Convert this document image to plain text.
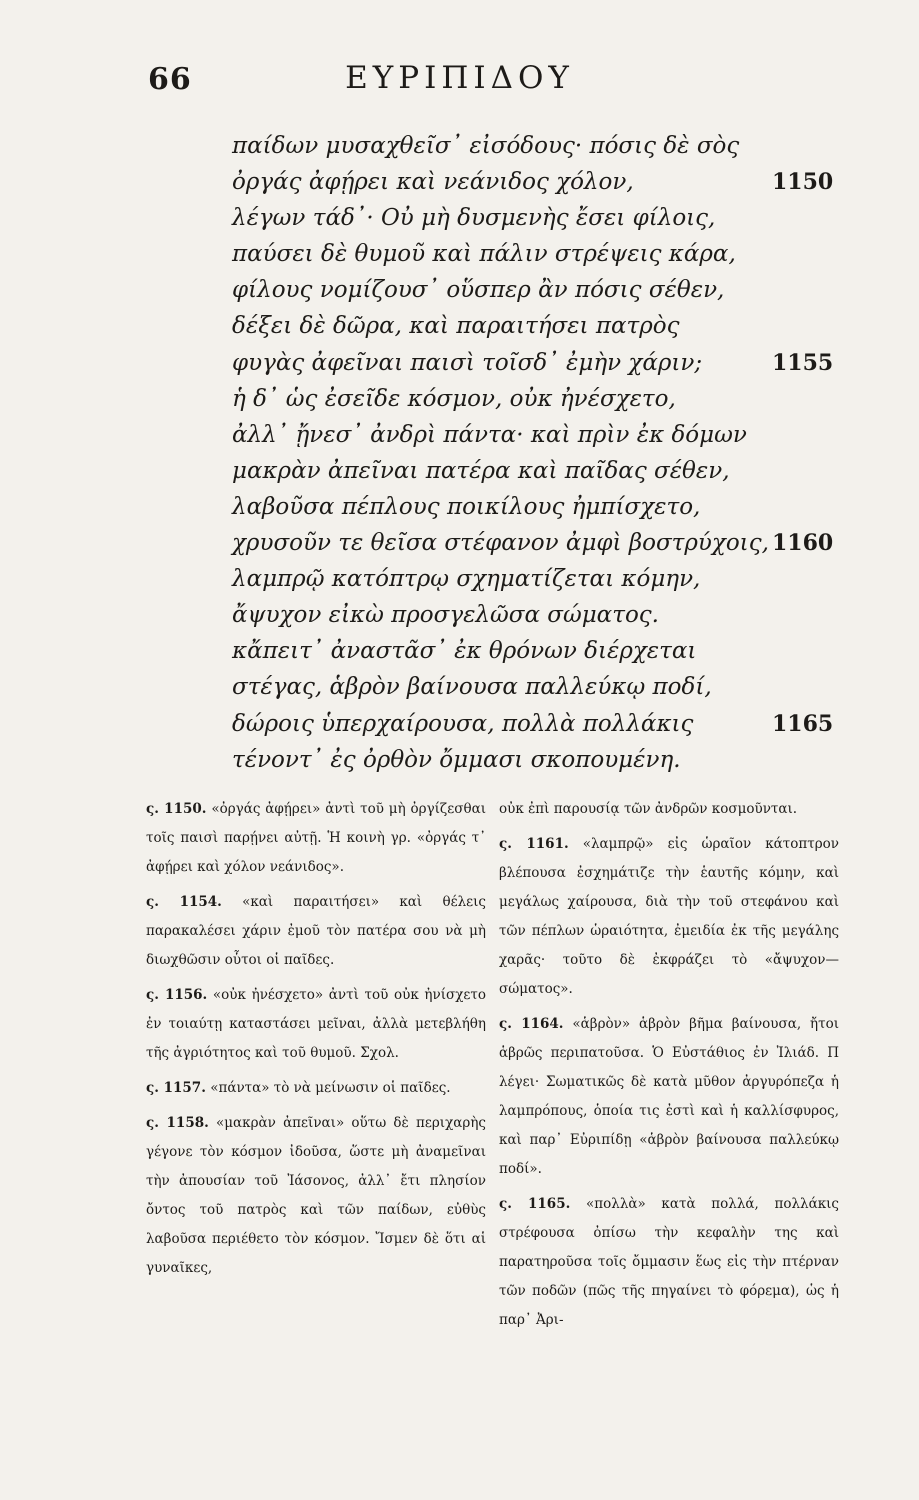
66	ΕΥΡΙΠΙΔΟΥ
παίδων μυσαχθεῖσ᾽ εἰσόδους· πόσις δὲ σὸς
ὀργάς ἀφῄρει καὶ νεάνιδος χόλον,	1150
λέγων τάδ᾽· Οὐ μὴ δυσμενὴς ἔσει φίλοις,
παύσει δὲ θυμοῦ καὶ πάλιν στρέψεις κάρα,
φίλους νομίζουσ᾽ οὕσπερ ἂν πόσις σέθεν,
δέξει δὲ δῶρα, καὶ παραιτήσει πατρὸς
φυγὰς ἀφεῖναι παισὶ τοῖσδ᾽ ἐμὴν χάριν;	1155
ἡ δ᾽ ὡς ἐσεῖδε κόσμον, οὐκ ἠνέσχετο,
ἀλλ᾽ ᾔνεσ᾽ ἀνδρὶ πάντα· καὶ πρὶν ἐκ δόμων
μακρὰν ἀπεῖναι πατέρα καὶ παῖδας σέθεν,
λαβοῦσα πέπλους ποικίλους ἠμπίσχετο,
χρυσοῦν τε θεῖσα στέφανον ἀμφὶ βοστρύχοις, 1160
λαμπρῷ κατόπτρῳ σχηματίζεται κόμην,
ἄψυχον εἰκὼ προσγελῶσα σώματος.
κἄπειτ᾽ ἀναστᾶσ᾽ ἐκ θρόνων διέρχεται
στέγας, ἁβρὸν βαίνουσα παλλεύκῳ ποδί,
δώροις ὑπερχαίρουσα, πολλὰ πολλάκις	1165
τένοντ᾽ ἐς ὀρθὸν ὄμμασι σκοπουμένη.

ς. 1150. «ὀργάς ἀφῄρει» ἀντὶ τοῦ μὴ ὀργίζεσθαι τοῖς παισὶ παρῄνει αὐτῇ. Ἡ κοινὴ γρ. «ὀργάς τ᾽ ἀφῄρει καὶ χόλον νεάνιδος».

ς. 1154. «καὶ παραιτήσει» καὶ θέλεις παρακαλέσει χάριν ἐμοῦ τὸν πατέρα σου νὰ μὴ διωχθῶσιν οὗτοι οἱ παῖδες.

ς. 1156. «οὐκ ἠνέσχετο» ἀντὶ τοῦ οὐκ ἠνίσχετο ἐν τοιαύτῃ καταστάσει μεῖναι, ἀλλὰ μετεβλήθη τῆς ἀγριότητος καὶ τοῦ θυμοῦ. Σχολ.

ς. 1157. «πάντα» τὸ νὰ μείνωσιν οἱ παῖδες.

ς. 1158. «μακρὰν ἀπεῖναι» οὕτω δὲ περιχαρὴς γέγονε τὸν κόσμον ἰδοῦσα, ὥστε μὴ ἀναμεῖναι τὴν ἀπουσίαν τοῦ Ἰάσονος, ἀλλ᾽ ἔτι πλησίον ὄντος τοῦ πατρὸς καὶ τῶν παίδων, εὐθὺς λαβοῦσα περιέθετο τὸν κόσμον. Ἴσμεν δὲ ὅτι αἱ γυναῖκες,

οὐκ ἐπὶ παρουσίᾳ τῶν ἀνδρῶν κοσμοῦνται.

ς. 1161. «λαμπρῷ» εἰς ὡραῖον κάτοπτρον βλέπουσα ἐσχημάτιζε τὴν ἑαυτῆς κόμην, καὶ μεγάλως χαίρουσα, διὰ τὴν τοῦ στεφάνου καὶ τῶν πέπλων ὡραιότητα, ἐμειδία ἐκ τῆς μεγάλης χαρᾶς· τοῦτο δὲ ἐκφράζει τὸ «ἄψυχον—σώματος».

ς. 1164. «ἁβρὸν» ἁβρὸν βῆμα βαίνουσα, ἤτοι ἁβρῶς περιπατοῦσα. Ὁ Εὐστάθιος ἐν Ἰλιάδ. Π λέγει· Σωματικῶς δὲ κατὰ μῦθον ἀργυρόπεζα ἡ λαμπρόπους, ὁποία τις ἐστὶ καὶ ἡ καλλίσφυρος, καὶ παρ᾽ Εὐριπίδῃ «ἁβρὸν βαίνουσα παλλεύκῳ ποδί».

ς. 1165. «πολλὰ» κατὰ πολλά, πολλάκις στρέφουσα ὀπίσω τὴν κεφαλὴν της καὶ παρατηροῦσα τοῖς ὄμμασιν ἕως εἰς τὴν πτέρναν τῶν ποδῶν (πῶς τῆς πηγαίνει τὸ φόρεμα), ὡς ἡ παρ᾽ Ἀρι-
